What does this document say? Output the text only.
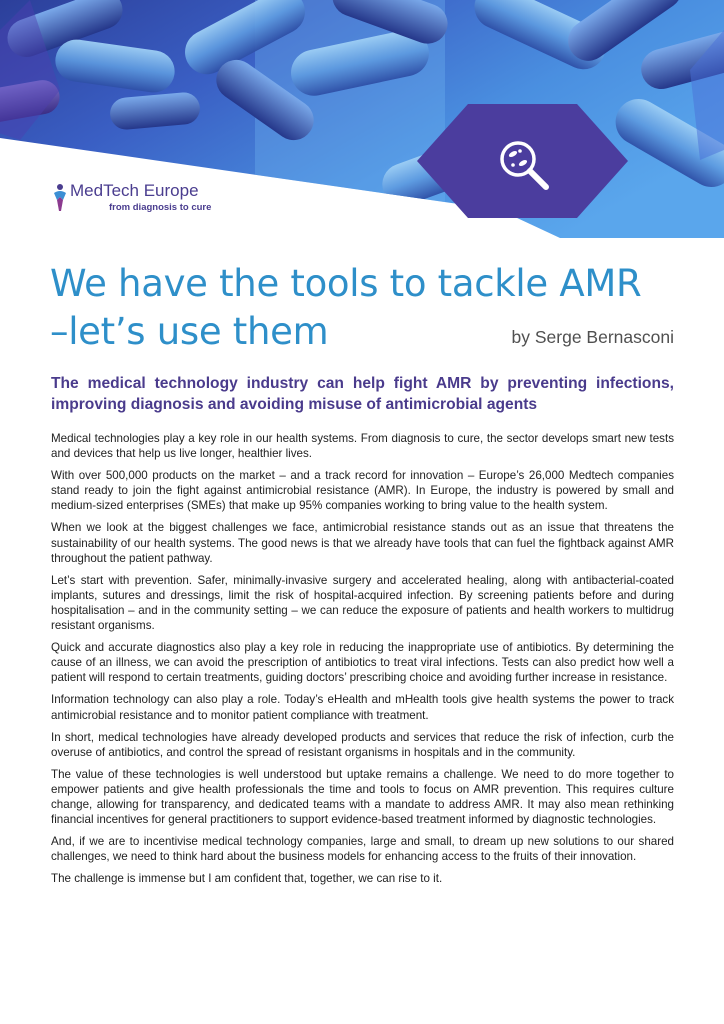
MedTech Europe
from diagnosis to cure
We have the tools to tackle AMR
–let’s use them	by Serge Bernasconi
The medical technology industry can help fight AMR by preventing infections, improving diagnosis and avoiding misuse of antimicrobial agents

Medical technologies play a key role in our health systems. From diagnosis to cure, the sector develops smart new tests and devices that help us live longer, healthier lives.

With over 500,000 products on the market – and a track record for innovation – Europe’s 26,000 Medtech companies stand ready to join the fight against antimicrobial resistance (AMR). In Europe, the industry is powered by small and medium-sized enterprises (SMEs) that make up 95% companies working to bring value to the health system.

When we look at the biggest challenges we face, antimicrobial resistance stands out as an issue that threatens the sustainability of our health systems. The good news is that we already have tools that can fuel the fightback against AMR throughout the patient pathway.

Let’s start with prevention. Safer, minimally-invasive surgery and accelerated healing, along with antibacterial-coated implants, sutures and dressings, limit the risk of hospital-acquired infection. By screening patients before and during hospitalisation – and in the community setting – we can reduce the exposure of patients and health workers to multidrug resistant organisms.

Quick and accurate diagnostics also play a key role in reducing the inappropriate use of antibiotics. By determining the cause of an illness, we can avoid the prescription of antibiotics to treat viral infections. Tests can also predict how well a patient will respond to certain treatments, guiding doctors’ prescribing choice and avoiding further increase in resistance.

Information technology can also play a role. Today’s eHealth and mHealth tools give health systems the power to track antimicrobial resistance and to monitor patient compliance with treatment.

In short, medical technologies have already developed products and services that reduce the risk of infection, curb the overuse of antibiotics, and control the spread of resistant organisms in hospitals and in the community.

The value of these technologies is well understood but uptake remains a challenge. We need to do more together to empower patients and give health professionals the time and tools to focus on AMR prevention. This requires culture change, allowing for transparency, and dedicated teams with a mandate to address AMR. It may also mean rethinking financial incentives for general practitioners to support evidence-based treatment informed by diagnostic technologies.

And, if we are to incentivise medical technology companies, large and small, to dream up new solutions to our shared challenges, we need to think hard about the business models for enhancing access to the fruits of their innovation.

The challenge is immense but I am confident that, together, we can rise to it.
